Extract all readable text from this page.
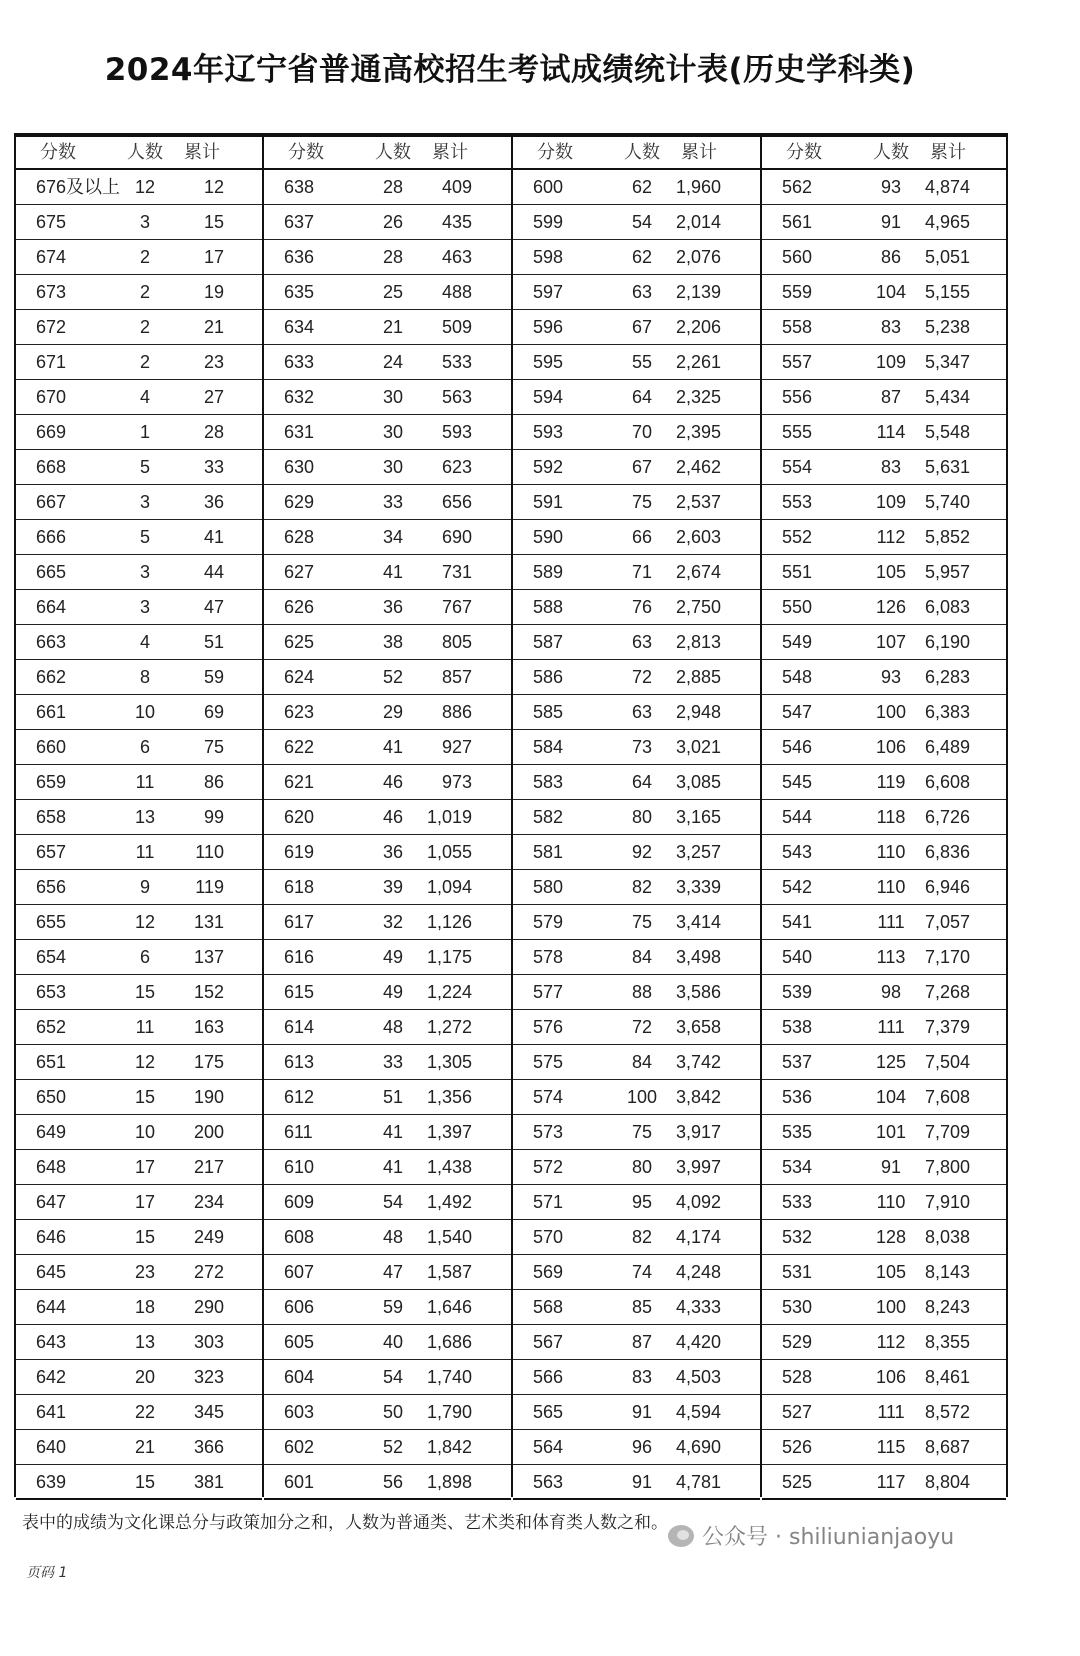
2024年辽宁省普通高校招生考试成绩统计表(历史学科类)
分数	人数	累计
676及以上 12	12
675	3	15
674	2	17
673	2	19
672	2	21
671	2	23
670	4	27
669	1	28
668	5	33
667	3	36
666	5	41
665	3	44
664	3	47
663	4	51
662	8	59
661	10	69
660	6	75
659	11	86
658	13	99
657	11	110
656	9	119
655	12	131
654	6	137
653	15	152
652	11	163
651	12	175
650	15	190
649	10	200
648	17	217
647	17	234
646	15	249
645	23	272
644	18	290
643	13	303
642	20	323
641	22	345
640	21	366
639	15	381
分数	人数	累计
638	28	409
637	26	435
636	28	463
635	25	488
634	21	509
633	24	533
632	30	563
631	30	593
630	30	623
629	33	656
628	34	690
627	41	731
626	36	767
625	38	805
624	52	857
623	29	886
622	41	927
621	46	973
620	46	1,019
619	36	1,055
618	39	1,094
617	32	1,126
616	49	1,175
615	49	1,224
614	48	1,272
613	33	1,305
612	51	1,356
611	41	1,397
610	41	1,438
609	54	1,492
608	48	1,540
607	47	1,587
606	59	1,646
605	40	1,686
604	54	1,740
603	50	1,790
602	52	1,842
601	56	1,898
分数	人数	累计
600	62	1,960
599	54	2,014
598	62	2,076
597	63	2,139
596	67	2,206
595	55	2,261
594	64	2,325
593	70	2,395
592	67	2,462
591	75	2,537
590	66	2,603
589	71	2,674
588	76	2,750
587	63	2,813
586	72	2,885
585	63	2,948
584	73	3,021
583	64	3,085
582	80	3,165
581	92	3,257
580	82	3,339
579	75	3,414
578	84	3,498
577	88	3,586
576	72	3,658
575	84	3,742
574	100	3,842
573	75	3,917
572	80	3,997
571	95	4,092
570	82	4,174
569	74	4,248
568	85	4,333
567	87	4,420
566	83	4,503
565	91	4,594
564	96	4,690
563	91	4,781
分数	人数	累计
562	93	4,874
561	91	4,965
560	86	5,051
559	104	5,155
558	83	5,238
557	109	5,347
556	87	5,434
555	114	5,548
554	83	5,631
553	109	5,740
552	112	5,852
551	105	5,957
550	126	6,083
549	107	6,190
548	93	6,283
547	100	6,383
546	106	6,489
545	119	6,608
544	118	6,726
543	110	6,836
542	110	6,946
541	111	7,057
540	113	7,170
539	98	7,268
538	111	7,379
537	125	7,504
536	104	7,608
535	101	7,709
534	91	7,800
533	110	7,910
532	128	8,038
531	105	8,143
530	100	8,243
529	112	8,355
528	106	8,461
527	111	8,572
526	115	8,687
525	117	8,804
表中的成绩为文化课总分与政策加分之和，人数为普通类、艺术类和体育类人数之和。
页码 1
公众号 · shiliunianjaoyu
